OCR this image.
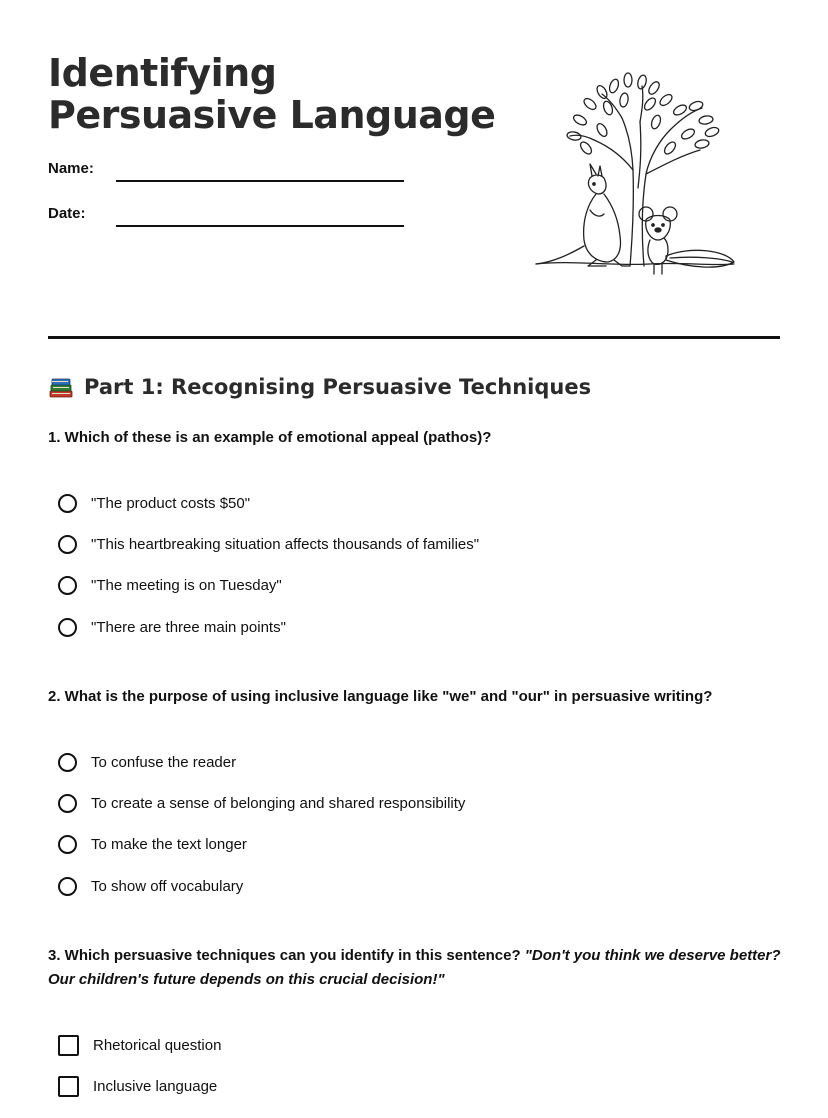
Identifying Persuasive Language
Name:
Date:
Part 1: Recognising Persuasive Techniques

1. Which of these is an example of emotional appeal (pathos)?

"The product costs $50"
"This heartbreaking situation affects thousands of families"
"The meeting is on Tuesday"
"There are three main points"

2. What is the purpose of using inclusive language like "we" and "our" in persuasive writing?

To confuse the reader
To create a sense of belonging and shared responsibility
To make the text longer
To show off vocabulary

3. Which persuasive techniques can you identify in this sentence? "Don't you think we deserve better? Our children's future depends on this crucial decision!"

Rhetorical question
Inclusive language
